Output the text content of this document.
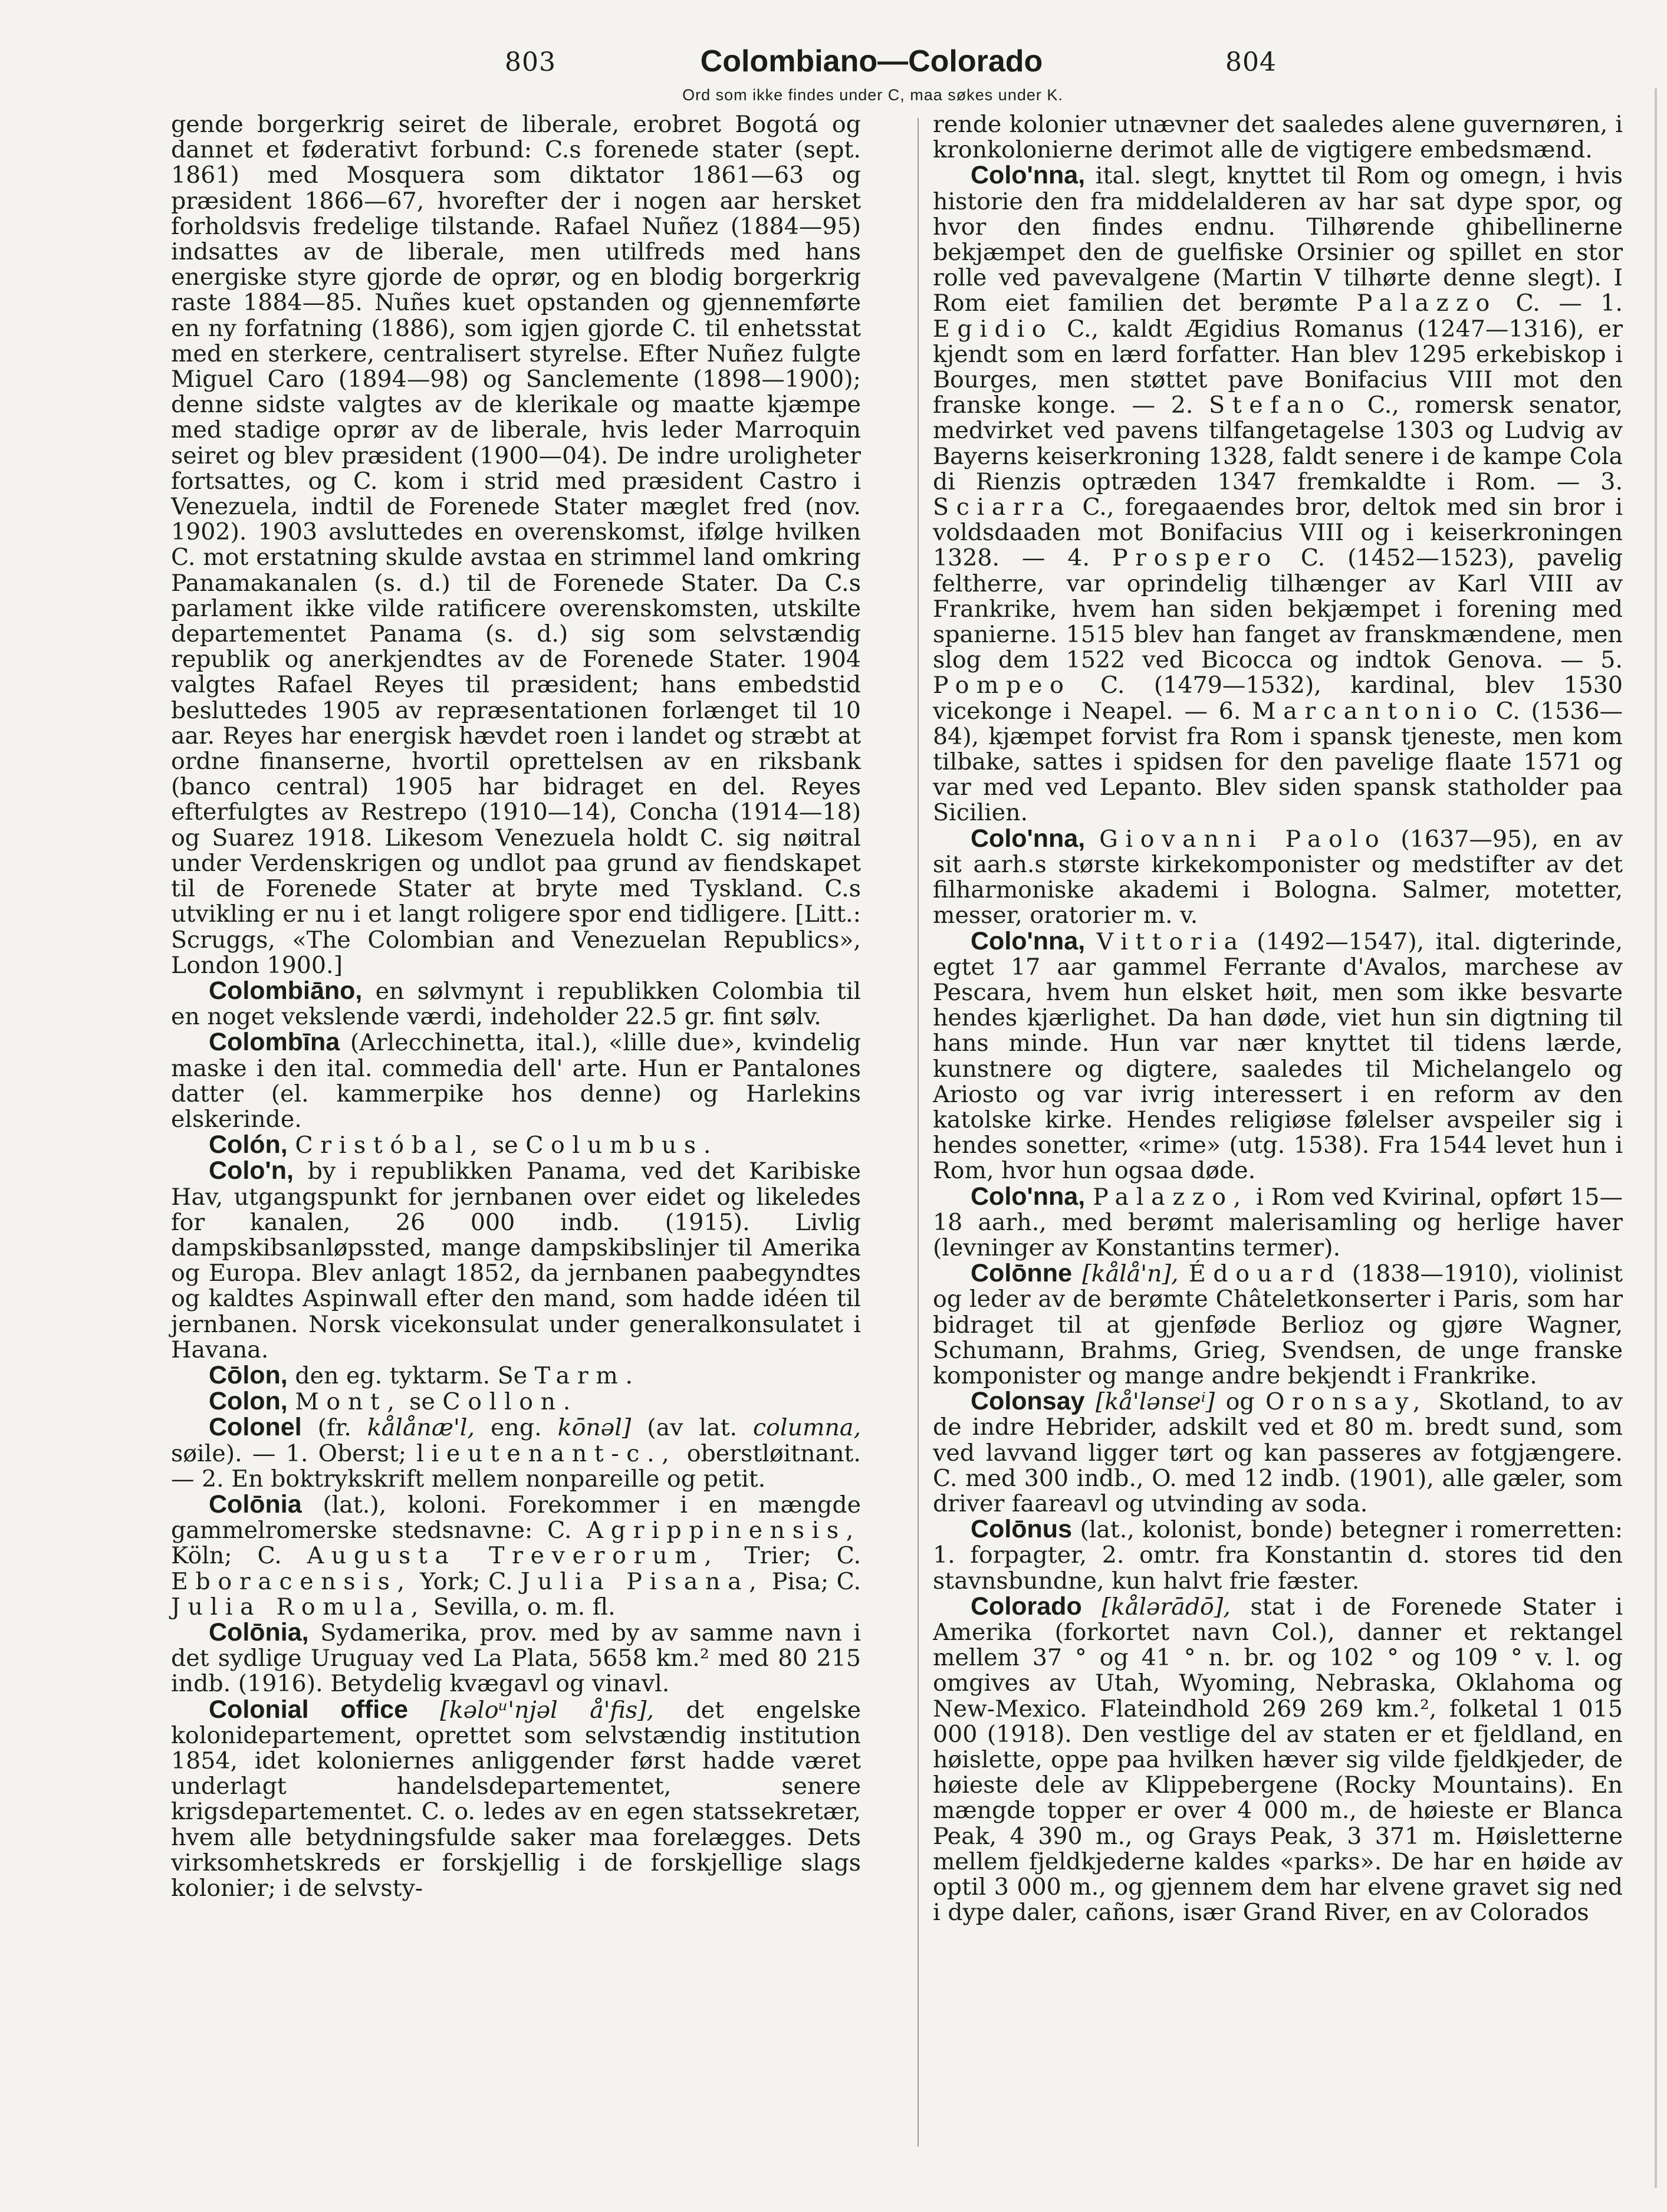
803	Colombiano—Colorado	804
Ord som ikke findes under C, maa søkes under K.

gende borgerkrig seiret de liberale, erobret Bogotá og dannet et føderativt forbund: C.s forenede stater (sept. 1861) med Mosquera som diktator 1861—63 og præsident 1866—67, hvorefter der i nogen aar hersket forholdsvis fredelige tilstande. Rafael Nuñez (1884—95) indsattes av de liberale, men utilfreds med hans energiske styre gjorde de oprør, og en blodig borgerkrig raste 1884—85. Nuñes kuet opstanden og gjennemførte en ny forfatning (1886), som igjen gjorde C. til enhetsstat med en sterkere, centralisert styrelse. Efter Nuñez fulgte Miguel Caro (1894—98) og Sanclemente (1898—1900); denne sidste valgtes av de klerikale og maatte kjæmpe med stadige oprør av de liberale, hvis leder Marroquin seiret og blev præsident (1900—04). De indre uroligheter fortsattes, og C. kom i strid med præsident Castro i Venezuela, indtil de Forenede Stater mæglet fred (nov. 1902). 1903 avsluttedes en overenskomst, ifølge hvilken C. mot erstatning skulde avstaa en strimmel land omkring Panamakanalen (s. d.) til de Forenede Stater. Da C.s parlament ikke vilde ratificere overenskomsten, utskilte departementet Panama (s. d.) sig som selvstændig republik og anerkjendtes av de Forenede Stater. 1904 valgtes Rafael Reyes til præsident; hans embedstid besluttedes 1905 av repræsentationen forlænget til 10 aar. Reyes har energisk hævdet roen i landet og stræbt at ordne finanserne, hvortil oprettelsen av en riksbank (banco central) 1905 har bidraget en del. Reyes efterfulgtes av Restrepo (1910—14), Concha (1914—18) og Suarez 1918. Likesom Venezuela holdt C. sig nøitral under Verdenskrigen og undlot paa grund av fiendskapet til de Forenede Stater at bryte med Tyskland. C.s utvikling er nu i et langt roligere spor end tidligere. [Litt.: Scruggs, «The Colombian and Venezuelan Republics», London 1900.]

Colombiāno, en sølvmynt i republikken Colombia til en noget vekslende værdi, indeholder 22.5 gr. fint sølv.

Colombīna (Arlecchinetta, ital.), «lille due», kvindelig maske i den ital. commedia dell' arte. Hun er Pantalones datter (el. kammerpike hos denne) og Harlekins elskerinde.

Colón, Cristóbal, se Columbus.

Colo'n, by i republikken Panama, ved det Karibiske Hav, utgangspunkt for jernbanen over eidet og likeledes for kanalen, 26 000 indb. (1915). Livlig dampskibsanløpssted, mange dampskibslinjer til Amerika og Europa. Blev anlagt 1852, da jernbanen paabegyndtes og kaldtes Aspinwall efter den mand, som hadde idéen til jernbanen. Norsk vicekonsulat under generalkonsulatet i Havana.

Cōlon, den eg. tyktarm. Se Tarm.

Colon, Mont, se Collon.

Colonel (fr. kålånæ'l, eng. kōnəl] (av lat. columna, søile). — 1. Oberst; lieutenant-c., oberstløitnant. — 2. En boktrykskrift mellem nonpareille og petit.

Colōnia (lat.), koloni. Forekommer i en mængde gammelromerske stedsnavne: C. Agrippinensis, Köln; C. Augusta Treverorum, Trier; C. Eboracensis, York; C. Julia Pisana, Pisa; C. Julia Romula, Sevilla, o. m. fl.

Colōnia, Sydamerika, prov. med by av samme navn i det sydlige Uruguay ved La Plata, 5658 km.² med 80 215 indb. (1916). Betydelig kvægavl og vinavl.

Colonial office [kəloᵘ'njəl å'fis], det engelske kolonidepartement, oprettet som selvstændig institution 1854, idet koloniernes anliggender først hadde været underlagt handelsdepartementet, senere krigsdepartementet. C. o. ledes av en egen statssekretær, hvem alle betydningsfulde saker maa forelægges. Dets virksomhetskreds er forskjellig i de forskjellige slags kolonier; i de selvsty-

rende kolonier utnævner det saaledes alene guvernøren, i kronkolonierne derimot alle de vigtigere embedsmænd.

Colo'nna, ital. slegt, knyttet til Rom og omegn, i hvis historie den fra middelalderen av har sat dype spor, og hvor den findes endnu. Tilhørende ghibellinerne bekjæmpet den de guelfiske Orsinier og spillet en stor rolle ved pavevalgene (Martin V tilhørte denne slegt). I Rom eiet familien det berømte Palazzo C. — 1. Egidio C., kaldt Ægidius Romanus (1247—1316), er kjendt som en lærd forfatter. Han blev 1295 erkebiskop i Bourges, men støttet pave Bonifacius VIII mot den franske konge. — 2. Stefano C., romersk senator, medvirket ved pavens tilfangetagelse 1303 og Ludvig av Bayerns keiserkroning 1328, faldt senere i de kampe Cola di Rienzis optræden 1347 fremkaldte i Rom. — 3. Sciarra C., foregaaendes bror, deltok med sin bror i voldsdaaden mot Bonifacius VIII og i keiserkroningen 1328. — 4. Prospero C. (1452—1523), pavelig feltherre, var oprindelig tilhænger av Karl VIII av Frankrike, hvem han siden bekjæmpet i forening med spanierne. 1515 blev han fanget av franskmændene, men slog dem 1522 ved Bicocca og indtok Genova. — 5. Pompeo C. (1479—1532), kardinal, blev 1530 vicekonge i Neapel. — 6. Marcantonio C. (1536—84), kjæmpet forvist fra Rom i spansk tjeneste, men kom tilbake, sattes i spidsen for den pavelige flaate 1571 og var med ved Lepanto. Blev siden spansk statholder paa Sicilien.

Colo'nna, Giovanni Paolo (1637—95), en av sit aarh.s største kirkekomponister og medstifter av det filharmoniske akademi i Bologna. Salmer, motetter, messer, oratorier m. v.

Colo'nna, Vittoria (1492—1547), ital. digterinde, egtet 17 aar gammel Ferrante d'Avalos, marchese av Pescara, hvem hun elsket høit, men som ikke besvarte hendes kjærlighet. Da han døde, viet hun sin digtning til hans minde. Hun var nær knyttet til tidens lærde, kunstnere og digtere, saaledes til Michelangelo og Ariosto og var ivrig interessert i en reform av den katolske kirke. Hendes religiøse følelser avspeiler sig i hendes sonetter, «rime» (utg. 1538). Fra 1544 levet hun i Rom, hvor hun ogsaa døde.

Colo'nna, Palazzo, i Rom ved Kvirinal, opført 15—18 aarh., med berømt malerisamling og herlige haver (levninger av Konstantins termer).

Colōnne [kålå'n], Édouard (1838—1910), violinist og leder av de berømte Châteletkonserter i Paris, som har bidraget til at gjenføde Berlioz og gjøre Wagner, Schumann, Brahms, Grieg, Svendsen, de unge franske komponister og mange andre bekjendt i Frankrike.

Colonsay [kå'lənseⁱ] og Oronsay, Skotland, to av de indre Hebrider, adskilt ved et 80 m. bredt sund, som ved lavvand ligger tørt og kan passeres av fotgjængere. C. med 300 indb., O. med 12 indb. (1901), alle gæler, som driver faareavl og utvinding av soda.

Colōnus (lat., kolonist, bonde) betegner i romerretten: 1. forpagter, 2. omtr. fra Konstantin d. stores tid den stavnsbundne, kun halvt frie fæster.

Colorado [kålərādō], stat i de Forenede Stater i Amerika (forkortet navn Col.), danner et rektangel mellem 37 ° og 41 ° n. br. og 102 ° og 109 ° v. l. og omgives av Utah, Wyoming, Nebraska, Oklahoma og New-Mexico. Flateindhold 269 269 km.², folketal 1 015 000 (1918). Den vestlige del av staten er et fjeldland, en høislette, oppe paa hvilken hæver sig vilde fjeldkjeder, de høieste dele av Klippebergene (Rocky Mountains). En mængde topper er over 4 000 m., de høieste er Blanca Peak, 4 390 m., og Grays Peak, 3 371 m. Høisletterne mellem fjeldkjederne kaldes «parks». De har en høide av optil 3 000 m., og gjennem dem har elvene gravet sig ned i dype daler, cañons, især Grand River, en av Colorados
